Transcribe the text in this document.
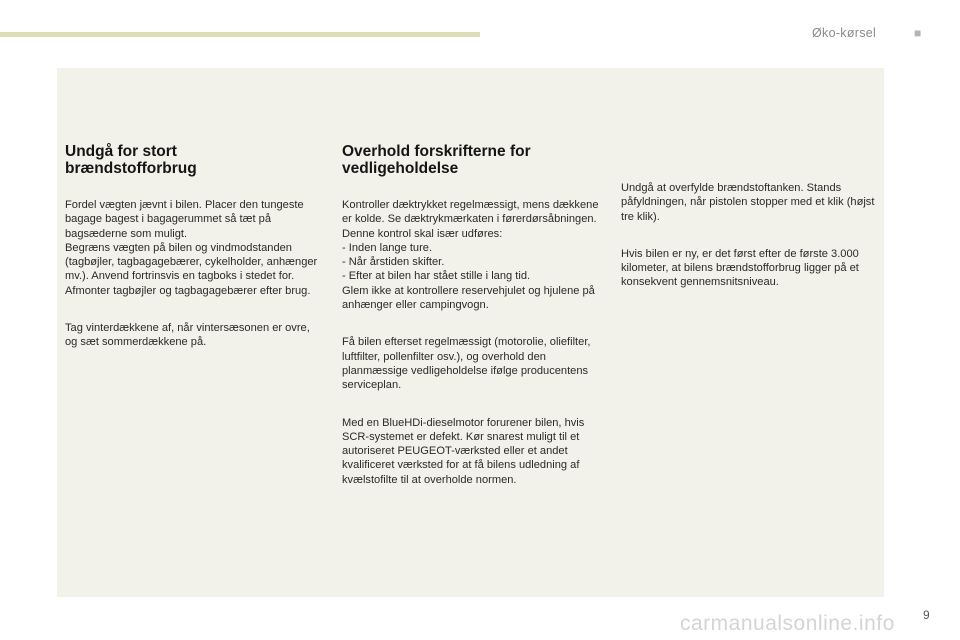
Øko-kørsel	■
Undgå for stort
brændstofforbrug

Fordel vægten jævnt i bilen. Placer den tungeste bagage bagest i bagagerummet så tæt på bagsæderne som muligt.
Begræns vægten på bilen og vindmodstanden (tagbøjler, tagbagagebærer, cykelholder, anhænger mv.). Anvend fortrinsvis en tagboks i stedet for.
Afmonter tagbøjler og tagbagagebærer efter brug.

Tag vinterdækkene af, når vintersæsonen er ovre, og sæt sommerdækkene på.

Overhold forskrifterne for
vedligeholdelse

Kontroller dæktrykket regelmæssigt, mens dækkene er kolde. Se dæktrykmærkaten i førerdørsåbningen.
Denne kontrol skal især udføres:
- Inden lange ture.
- Når årstiden skifter.
- Efter at bilen har stået stille i lang tid.
Glem ikke at kontrollere reservehjulet og hjulene på anhænger eller campingvogn.

Få bilen efterset regelmæssigt (motorolie, oliefilter, luftfilter, pollenfilter osv.), og overhold den planmæssige vedligeholdelse ifølge producentens serviceplan.

Med en BlueHDi-dieselmotor forurener bilen, hvis SCR-systemet er defekt. Kør snarest muligt til et autoriseret PEUGEOT-værksted eller et andet kvalificeret værksted for at få bilens udledning af kvælstofilte til at overholde normen.

Undgå at overfylde brændstoftanken. Stands påfyldningen, når pistolen stopper med et klik (højst tre klik).

Hvis bilen er ny, er det først efter de første 3.000 kilometer, at bilens brændstofforbrug ligger på et konsekvent gennemsnitsniveau.

carmanualsonline.info 9
